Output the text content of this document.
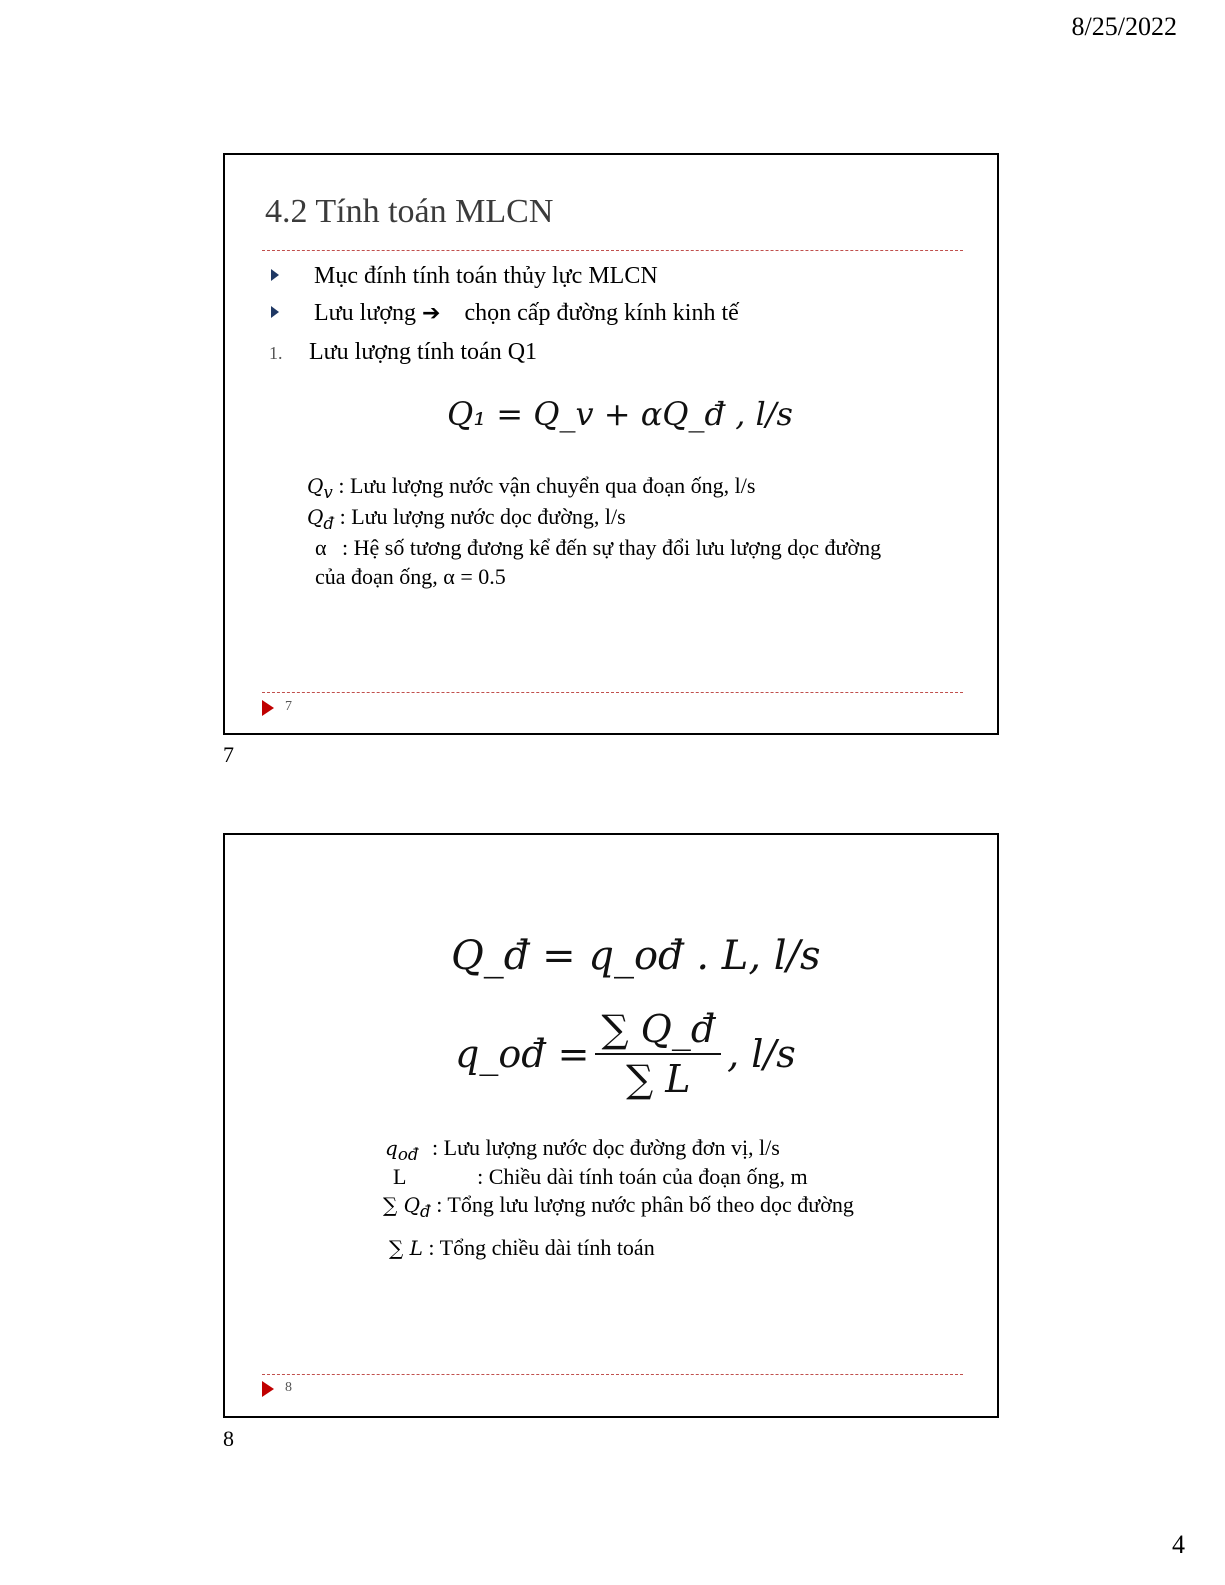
8/25/2022
4.2 Tính toán MLCN
Mục đính tính toán thủy lực MLCN
Lưu lượng ➔ chọn cấp đường kính kinh tế
1.	Lưu lượng tính toán Q1
Q₁ = Q_v + αQ_đ , l/s
$Q_v$ : Lưu lượng nước vận chuyển qua đoạn ống, l/s
$Q_đ$ : Lưu lượng nước dọc đường, l/s
α : Hệ số tương đương kể đến sự thay đổi lưu lượng dọc đường
của đoạn ống, α = 0.5
7
7
Q_đ = q_ođ . L, l/s
q_ođ = $\frac{\sum Q\_đ}{\sum L}$ , l/s
$q_{ođ}$ : Lưu lượng nước dọc đường đơn vị, l/s
L	: Chiều dài tính toán của đoạn ống, m
∑ $Q_đ$ : Tổng lưu lượng nước phân bố theo dọc đường
∑ L : Tổng chiều dài tính toán
8
8
4
